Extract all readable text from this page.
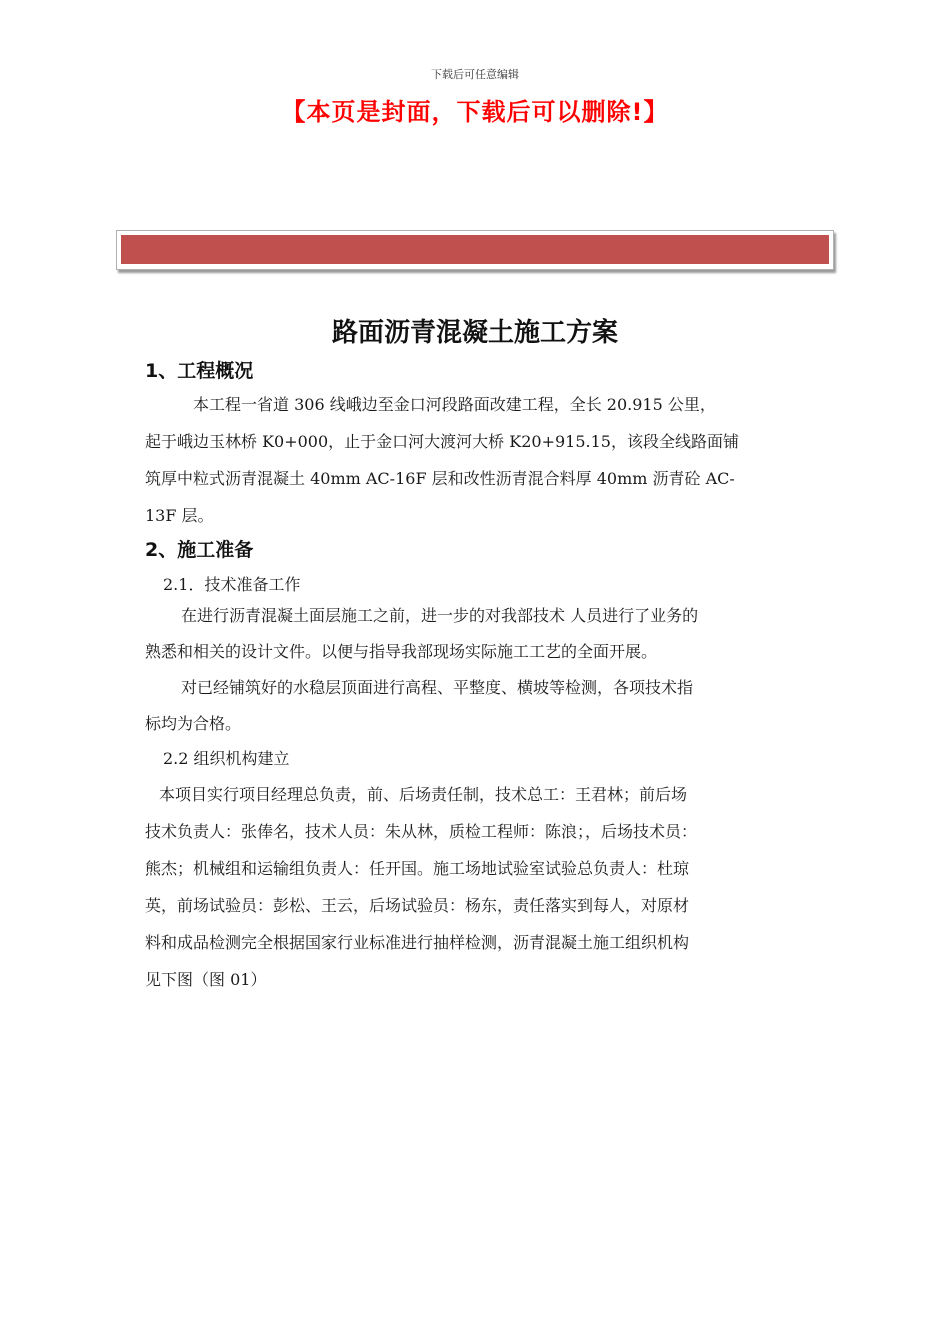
下载后可任意编辑
【本页是封面，下载后可以删除!】
路面沥青混凝土施工方案
1、工程概况
本工程一省道 306 线峨边至金口河段路面改建工程，全长 20.915 公里，
起于峨边玉林桥 K0+000，止于金口河大渡河大桥 K20+915.15，该段全线路面铺
筑厚中粒式沥青混凝土 40mm AC-16F 层和改性沥青混合料厚 40mm 沥青砼 AC-
13F 层。
2、施工准备
2.1．技术准备工作
在进行沥青混凝土面层施工之前，进一步的对我部技术 人员进行了业务的
熟悉和相关的设计文件。以便与指导我部现场实际施工工艺的全面开展。
对已经铺筑好的水稳层顶面进行高程、平整度、横坡等检测，各项技术指
标均为合格。
2.2 组织机构建立
本项目实行项目经理总负责，前、后场责任制，技术总工：王君林；前后场
技术负责人：张俸名，技术人员：朱从林，质检工程师：陈浪；，后场技术员：
熊杰；机械组和运输组负责人：任开国。施工场地试验室试验总负责人：杜琼
英，前场试验员：彭松、王云，后场试验员：杨东，责任落实到每人，对原材
料和成品检测完全根据国家行业标准进行抽样检测，沥青混凝土施工组织机构
见下图（图 01）
